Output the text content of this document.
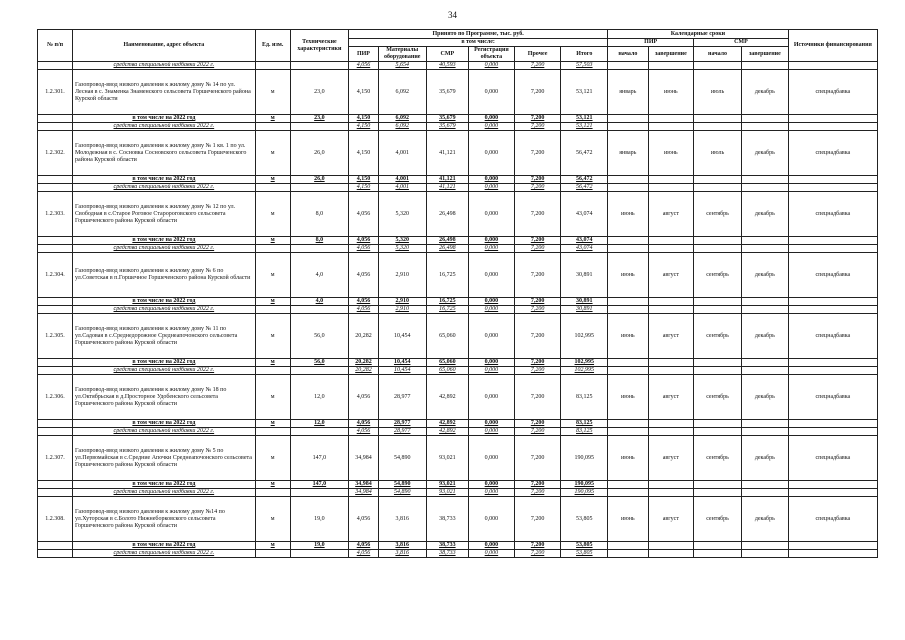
34
№ п/п	Наименование, адрес объекта	Ед. изм.	Технические характеристики	Принято по Программе, тыс. руб.						Календарные сроки				Источники финансирования
				в том числе:						ПИР		СМР		
				ПИР	Материалы оборудование	СМР	Регистрация объекта	Прочее	Итого	начало	завершение	начало	завершение	
	средства специальной надбавки 2022 г.			4,056	5,654	40,593	0,000	7,200	57,503					
1.2.301.	Газопровод-ввод низкого давления к жилому дому № 14 по ул. Лесная в с. Знаменка Знаменского сельсовета Горшеченского района Курской области	м	23,0	4,150	6,092	35,679	0,000	7,200	53,121	январь	июнь	июль	декабрь	спецнадбавка
	в том числе на 2022 год	м	23,0	4,150	6,092	35,679	0,000	7,200	53,121					
	средства специальной надбавки 2022 г.			4,150	6,092	35,679	0,000	7,200	53,121					
1.2.302.	Газопровод-ввод низкого давления к жилому дому № 1 кв. 1 по ул. Молодежная в с. Сосновка Сосновского сельсовета Горшеченского района Курской области	м	26,0	4,150	4,001	41,121	0,000	7,200	56,472	январь	июнь	июль	декабрь	спецнадбавка
	в том числе на 2022 год	м	26,0	4,150	4,001	41,121	0,000	7,200	56,472					
	средства специальной надбавки 2022 г.			4,150	4,001	41,121	0,000	7,200	56,472					
1.2.303.	Газопровод-ввод низкого давления к жилому дому № 12 по ул. Свободная в с.Старое Роговое Старороговского сельсовета Горшеченского района Курской области	м	8,0	4,056	5,320	26,498	0,000	7,200	43,074	июнь	август	сентябрь	декабрь	спецнадбавка
	в том числе на 2022 год	м	8,0	4,056	5,320	26,498	0,000	7,200	43,074					
	средства специальной надбавки 2022 г.			4,056	5,320	26,498	0,000	7,200	43,074					
1.2.304.	Газопровод-ввод низкого давления к жилому дому № 6 по ул.Советская в п.Горшечное Горшеченского района Курской области	м	4,0	4,056	2,910	16,725	0,000	7,200	30,891	июнь	август	сентябрь	декабрь	спецнадбавка
	в том числе на 2022 год	м	4,0	4,056	2,910	16,725	0,000	7,200	30,891					
	средства специальной надбавки 2022 г.			4,056	2,910	16,725	0,000	7,200	30,891					
1.2.305.	Газопровод-ввод низкого давления к жилому дому № 11 по ул.Садовая в с.Среднедорожное Среднеапочонского сельсовета Горшеченского района Курской области	м	56,0	20,282	10,454	65,060	0,000	7,200	102,995	июнь	август	сентябрь	декабрь	спецнадбавка
	в том числе на 2022 год	м	56,0	20,282	10,454	65,060	0,000	7,200	102,995					
	средства специальной надбавки 2022 г.			20,282	10,454	65,060	0,000	7,200	102,995					
1.2.306.	Газопровод-ввод низкого давления к жилому дому № 18 по ул.Октябрьская в д.Просторное Удобенского сельсовета Горшеченского района Курской области	м	12,0	4,056	28,977	42,892	0,000	7,200	83,125	июнь	август	сентябрь	декабрь	спецнадбавка
	в том числе на 2022 год	м	12,0	4,056	28,977	42,892	0,000	7,200	83,125					
	средства специальной надбавки 2022 г.			4,056	28,977	42,892	0,000	7,200	83,125					
1.2.307.	Газопровод-ввод низкого давления к жилому дому № 5 по ул.Первомайская в с.Средние Апочки Среднеапочонского сельсовета Горшеченского района Курской области	м	147,0	34,984	54,890	93,021	0,000	7,200	190,095	июнь	август	сентябрь	декабрь	спецнадбавка
	в том числе на 2022 год	м	147,0	34,984	54,890	93,021	0,000	7,200	190,095					
	средства специальной надбавки 2022 г.			34,984	54,890	93,021	0,000	7,200	190,095					
1.2.308.	Газопровод-ввод низкого давления к жилому дому №14 по ул.Хуторская в с.Болото Нижнеборковского сельсовета Горшеченского района Курской области	м	19,0	4,056	3,816	38,733	0,000	7,200	53,805	июнь	август	сентябрь	декабрь	спецнадбавка
	в том числе на 2022 год	м	19,0	4,056	3,816	38,733	0,000	7,200	53,805					
	средства специальной надбавки 2022 г.			4,056	3,816	38,733	0,000	7,200	53,805					
